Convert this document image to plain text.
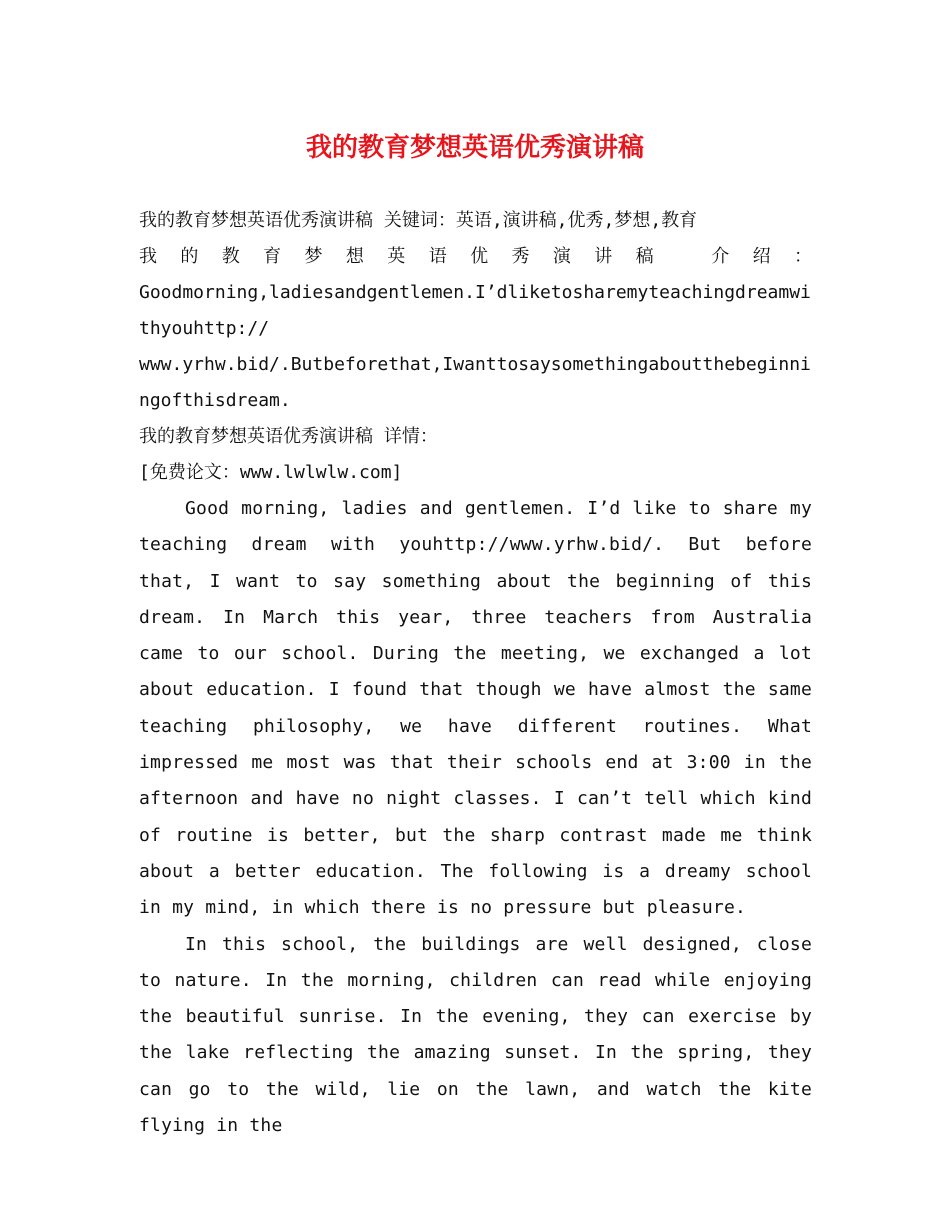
我的教育梦想英语优秀演讲稿

我的教育梦想英语优秀演讲稿 关键词：英语,演讲稿,优秀,梦想,教育

我的教育梦想英语优秀演讲稿 介绍：

Goodmorning,ladiesandgentlemen.I’dliketosharemyteachingdreamwithyouhttp://

www.yrhw.bid/.Butbeforethat,Iwanttosaysomethingaboutthebeginningofthisdream.

我的教育梦想英语优秀演讲稿 详情：

[免费论文：www.lwlwlw.com]

Good morning, ladies and gentlemen. I’d like to share my teaching dream with youhttp://www.yrhw.bid/. But before that, I want to say something about the beginning of this dream. In March this year, three teachers from Australia came to our school. During the meeting, we exchanged a lot about education. I found that though we have almost the same teaching philosophy, we have different routines. What impressed me most was that their schools end at 3:00 in the afternoon and have no night classes. I can’t tell which kind of routine is better, but the sharp contrast made me think about a better education. The following is a dreamy school in my mind, in which there is no pressure but pleasure.

In this school, the buildings are well designed, close to nature. In the morning, children can read while enjoying the beautiful sunrise. In the evening, they can exercise by the lake reflecting the amazing sunset. In the spring, they can go to the wild, lie on the lawn, and watch the kite flying in the
